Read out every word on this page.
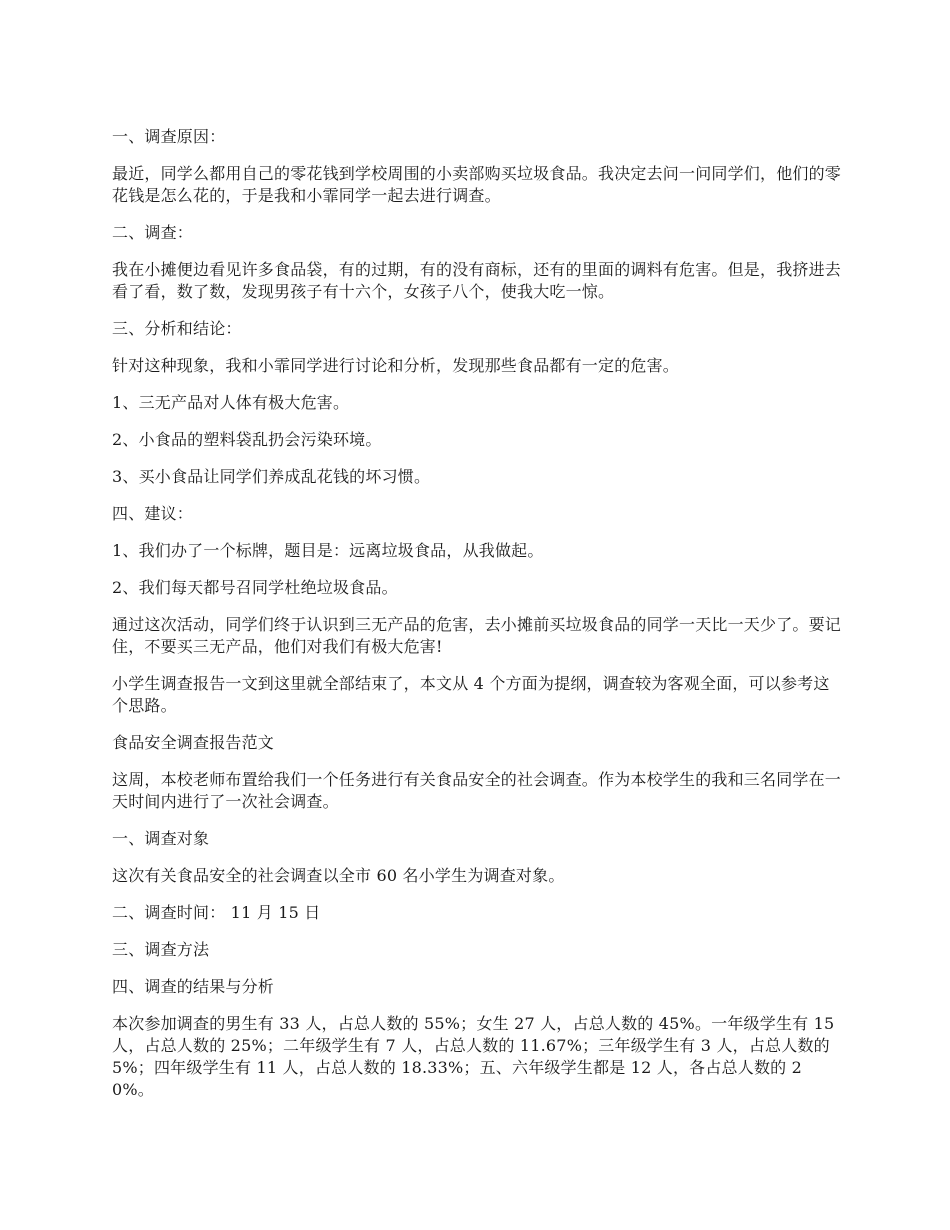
一、调查原因：

最近，同学么都用自己的零花钱到学校周围的小卖部购买垃圾食品。我决定去问一问同学们，他们的零花钱是怎么花的，于是我和小霏同学一起去进行调查。

二、调查：

我在小摊便边看见许多食品袋，有的过期，有的没有商标，还有的里面的调料有危害。但是，我挤进去看了看，数了数，发现男孩子有十六个，女孩子八个，使我大吃一惊。

三、分析和结论：

针对这种现象，我和小霏同学进行讨论和分析，发现那些食品都有一定的危害。

1、三无产品对人体有极大危害。

2、小食品的塑料袋乱扔会污染环境。

3、买小食品让同学们养成乱花钱的坏习惯。

四、建议：

1、我们办了一个标牌，题目是：远离垃圾食品，从我做起。

2、我们每天都号召同学杜绝垃圾食品。

通过这次活动，同学们终于认识到三无产品的危害，去小摊前买垃圾食品的同学一天比一天少了。要记住，不要买三无产品，他们对我们有极大危害!

小学生调查报告一文到这里就全部结束了，本文从 4 个方面为提纲，调查较为客观全面，可以参考这个思路。

食品安全调查报告范文

这周，本校老师布置给我们一个任务进行有关食品安全的社会调查。作为本校学生的我和三名同学在一天时间内进行了一次社会调查。

一、调查对象

这次有关食品安全的社会调查以全市 60 名小学生为调查对象。

二、调查时间： 11 月 15 日

三、调查方法

四、调查的结果与分析

本次参加调查的男生有 33 人，占总人数的 55%；女生 27 人，占总人数的 45%。一年级学生有 15 人，占总人数的 25%；二年级学生有 7 人，占总人数的 11.67%；三年级学生有 3 人，占总人数的 5%；四年级学生有 11 人，占总人数的 18.33%；五、六年级学生都是 12 人，各占总人数的 20%。
